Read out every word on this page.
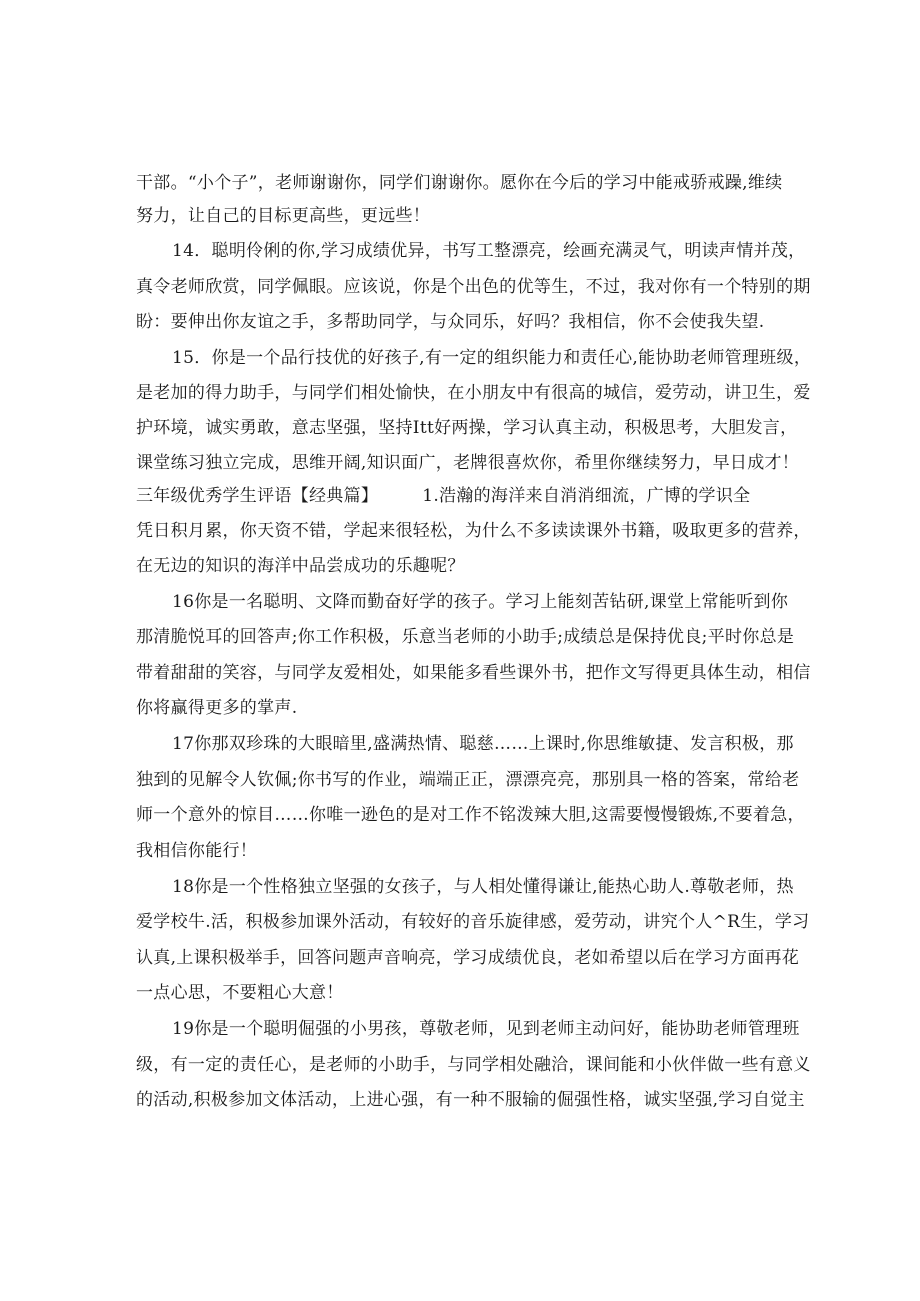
干部。“小个子”，老师谢谢你，同学们谢谢你。愿你在今后的学习中能戒骄戒躁,维续
努力，让自己的目标更高些，更远些！
14．聪明伶俐的你,学习成绩优异，书写工整漂亮，绘画充满灵气，明读声情并茂，
真令老师欣赏，同学佩眼。应该说，你是个出色的优等生，不过，我对你有一个特别的期
盼：要伸出你友谊之手，多帮助同学，与众同乐，好吗？我相信，你不会使我失望.
15．你是一个品行技优的好孩子,有一定的组织能力和责任心,能协助老师管理班级，
是老加的得力助手，与同学们相处愉快，在小朋友中有很高的城信，爱劳动，讲卫生，爱
护环境，诚实勇敢，意志坚强，坚持Itt好两操，学习认真主动，积极思考，大胆发言，
课堂练习独立完成，思维开阔,知识面广，老牌很喜炊你，希里你继续努力，早日成才！
三年级优秀学生评语【经典篇】	1.浩瀚的海洋来自消消细流，广博的学识全
凭日积月累，你天资不错，学起来很轻松，为什么不多读读课外书籍，吸取更多的营养，
在无边的知识的海洋中品尝成功的乐趣呢？
16你是一名聪明、文降而勤奋好学的孩子。学习上能刻苦钻研,课堂上常能听到你
那清脆悦耳的回答声;你工作积极，乐意当老师的小助手;成绩总是保持优良;平时你总是
带着甜甜的笑容，与同学友爱相处，如果能多看些课外书，把作文写得更具体生动，相信
你将赢得更多的掌声.
17你那双珍珠的大眼暗里,盛满热情、聪慈……上课时,你思维敏捷、发言积极，那
独到的见解令人钦佩;你书写的作业，端端正正，漂漂亮亮，那别具一格的答案，常给老
师一个意外的惊目……你唯一逊色的是对工作不铭泼辣大胆,这需要慢慢锻炼,不要着急，
我相信你能行！
18你是一个性格独立坚强的女孩子，与人相处懂得谦让,能热心助人.尊敬老师，热
爱学校牛.活，积极参加课外活动，有较好的音乐旋律感，爱劳动，讲究个人^R生，学习
认真,上课积极举手，回答问题声音响亮，学习成绩优良，老如希望以后在学习方面再花
一点心思，不要粗心大意！
19你是一个聪明倔强的小男孩，尊敬老师，见到老师主动问好，能协助老师管理班
级，有一定的责任心，是老师的小助手，与同学相处融洽，课间能和小伙伴做一些有意义
的活动,积极参加文体活动，上进心强，有一种不服输的倔强性格，诚实坚强,学习自觉主
